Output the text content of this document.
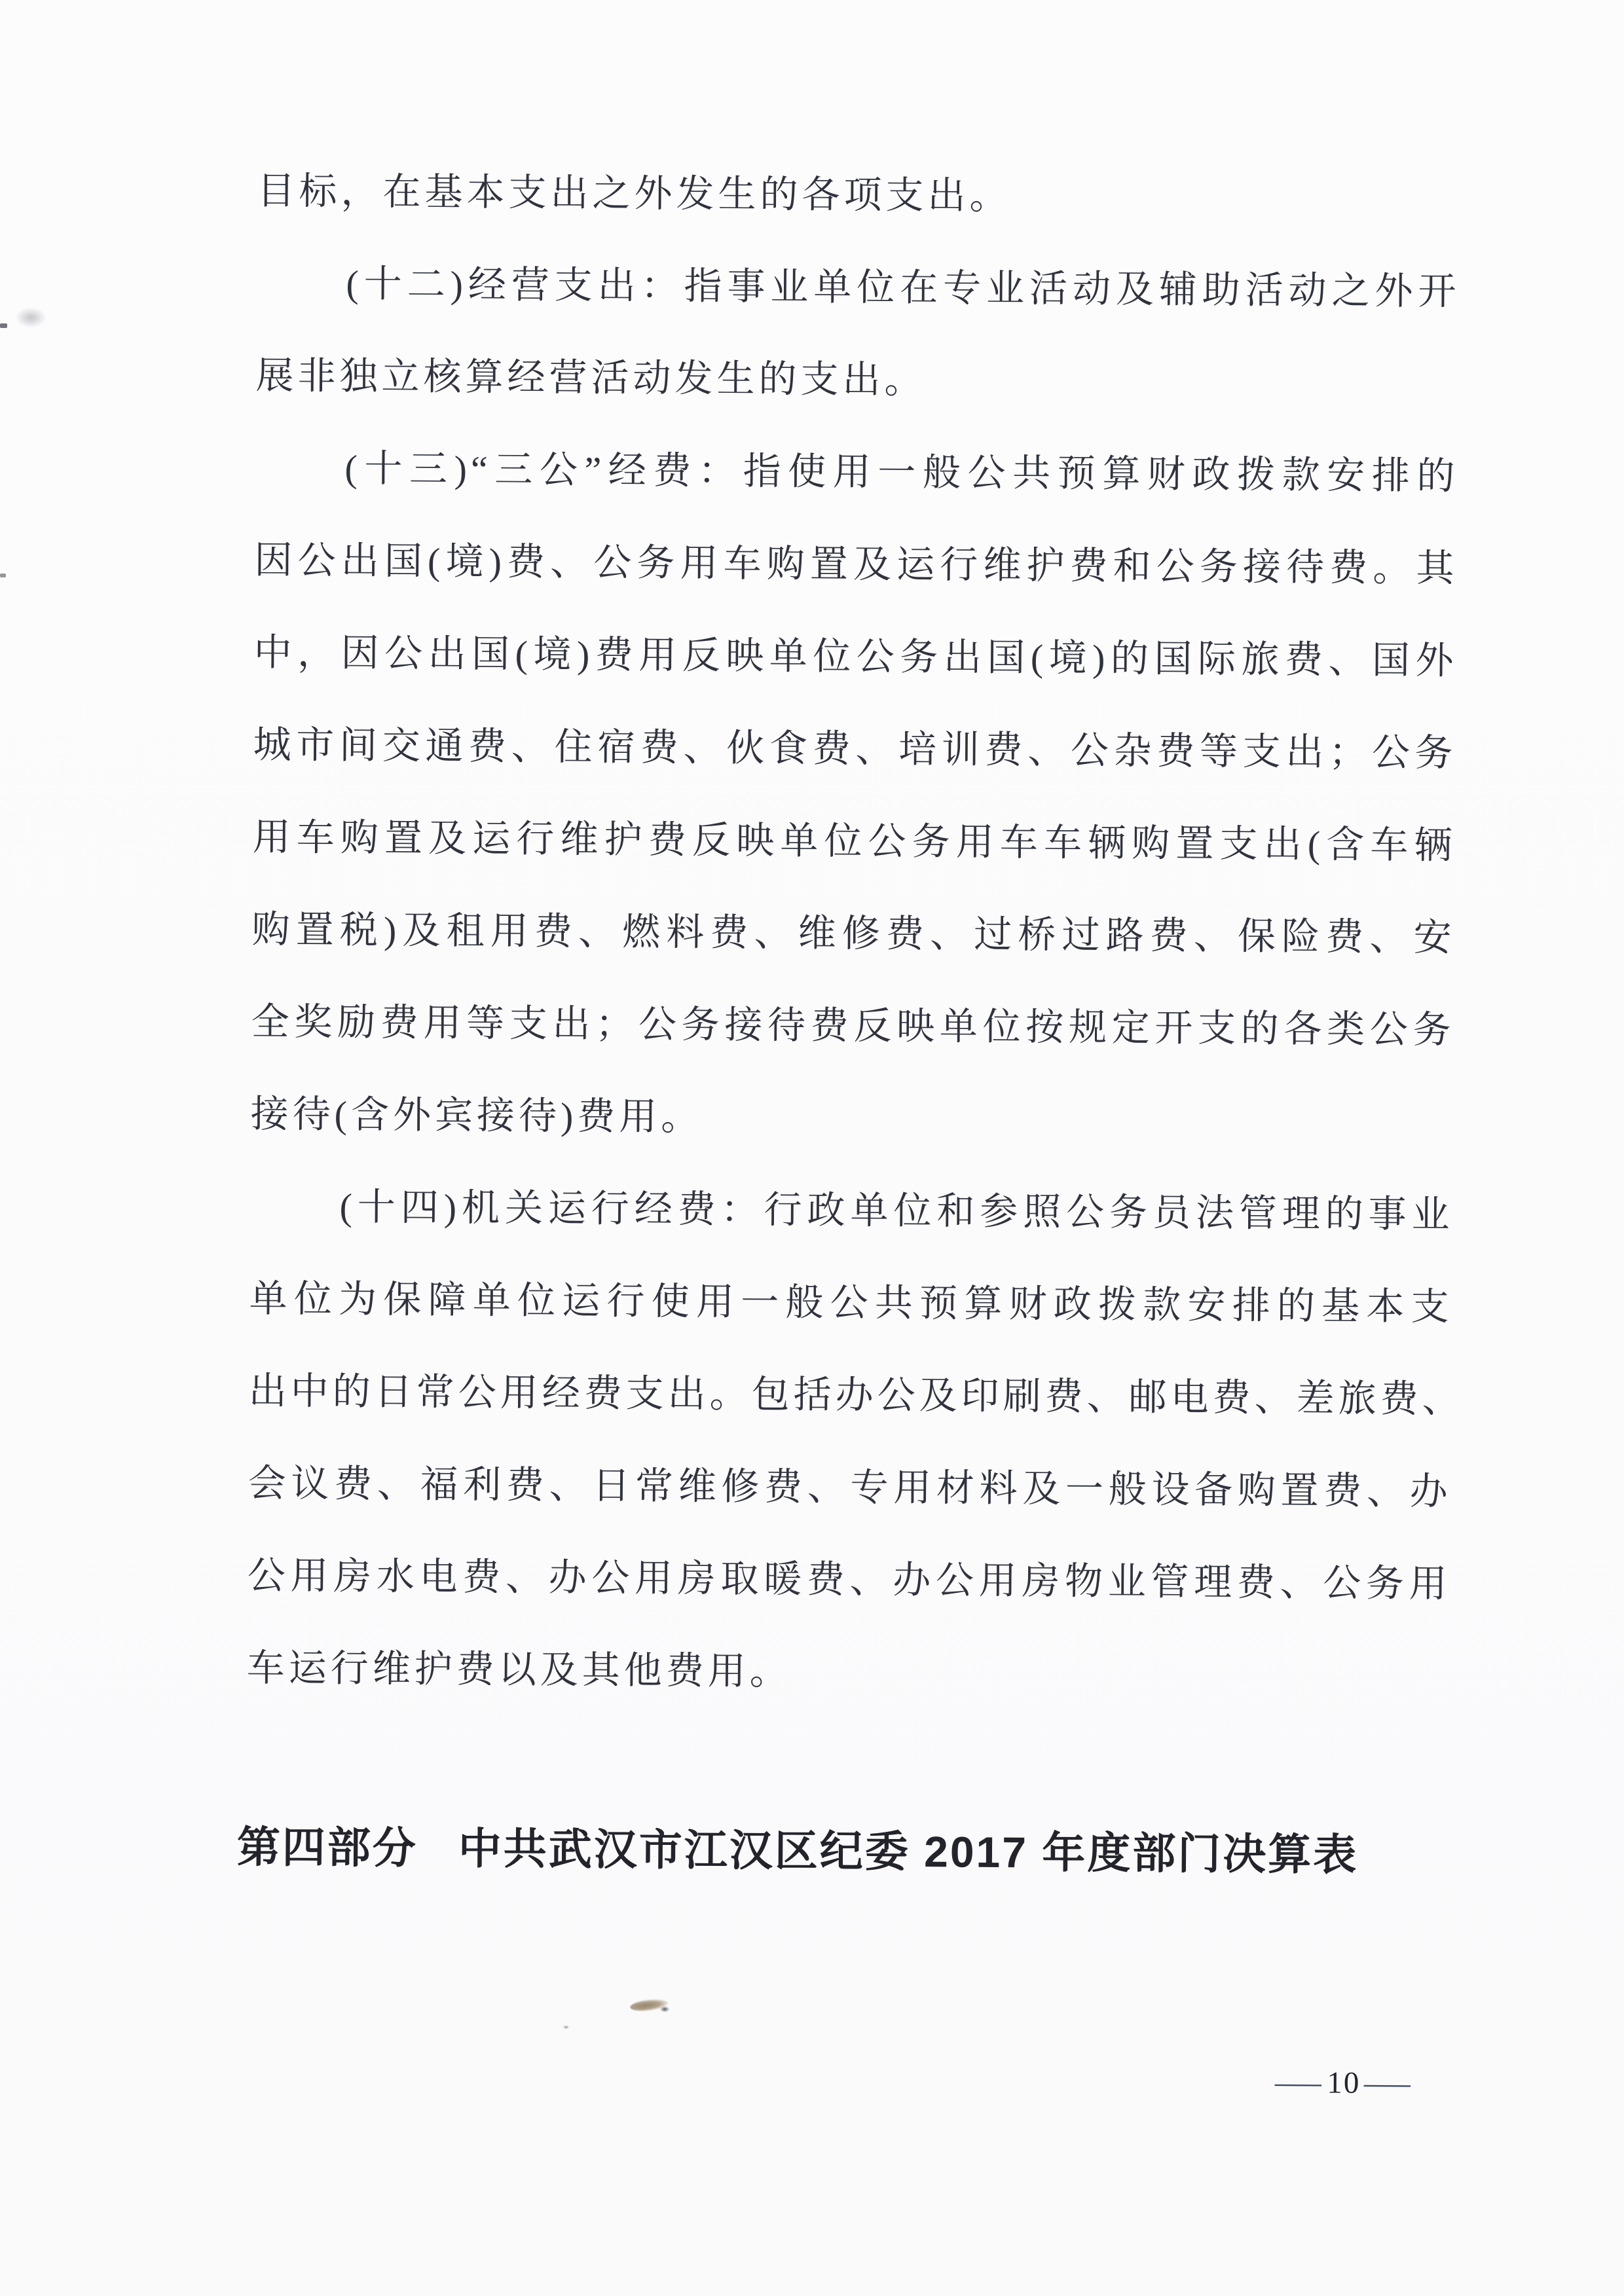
目标，在基本支出之外发生的各项支出。
(十二)经营支出：指事业单位在专业活动及辅助活动之外开
展非独立核算经营活动发生的支出。
(十三)“三公”经费：指使用一般公共预算财政拨款安排的
因公出国(境)费、公务用车购置及运行维护费和公务接待费。其
中，因公出国(境)费用反映单位公务出国(境)的国际旅费、国外
城市间交通费、住宿费、伙食费、培训费、公杂费等支出；公务
用车购置及运行维护费反映单位公务用车车辆购置支出(含车辆
购置税)及租用费、燃料费、维修费、过桥过路费、保险费、安
全奖励费用等支出；公务接待费反映单位按规定开支的各类公务
接待(含外宾接待)费用。
(十四)机关运行经费：行政单位和参照公务员法管理的事业
单位为保障单位运行使用一般公共预算财政拨款安排的基本支
出中的日常公用经费支出。包括办公及印刷费、邮电费、差旅费、
会议费、福利费、日常维修费、专用材料及一般设备购置费、办
公用房水电费、办公用房取暖费、办公用房物业管理费、公务用
车运行维护费以及其他费用。
第四部分 中共武汉市江汉区纪委 2017 年度部门决算表
— 10 —
